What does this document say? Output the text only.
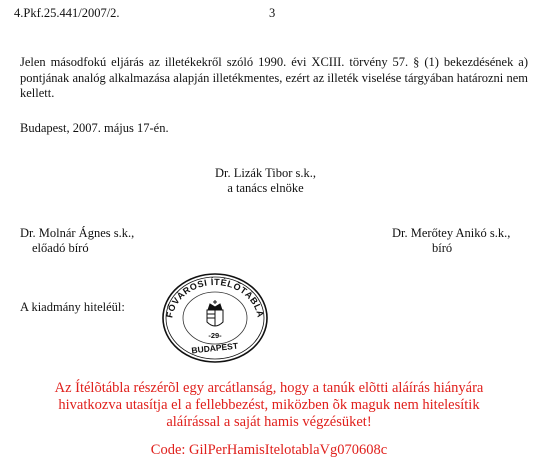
4.Pkf.25.441/2007/2.	3
Jelen másodfokú eljárás az illetékekről szóló 1990. évi XCIII. törvény 57. § (1) bekezdésének a) pontjának analóg alkalmazása alapján illetékmentes, ezért az illeték viselése tárgyában határozni nem kellett.
Budapest, 2007. május 17-én.
Dr. Lizák Tibor s.k.,
a tanács elnöke
Dr. Molnár Ágnes s.k.,
előadó bíró
Dr. Merőtey Anikó s.k.,
bíró
A kiadmány hiteléül:
FŐVÁROSI ÍTÉLŐTÁBLA
-29-
BUDAPEST
Az Ítélõtábla részérõl egy arcátlanság, hogy a tanúk elõtti aláírás hiányára
hivatkozva utasítja el a fellebbezést, miközben õk maguk nem hitelesítik
aláírással a saját hamis végzésüket!
Code: GilPerHamisItelotablaVg070608c
